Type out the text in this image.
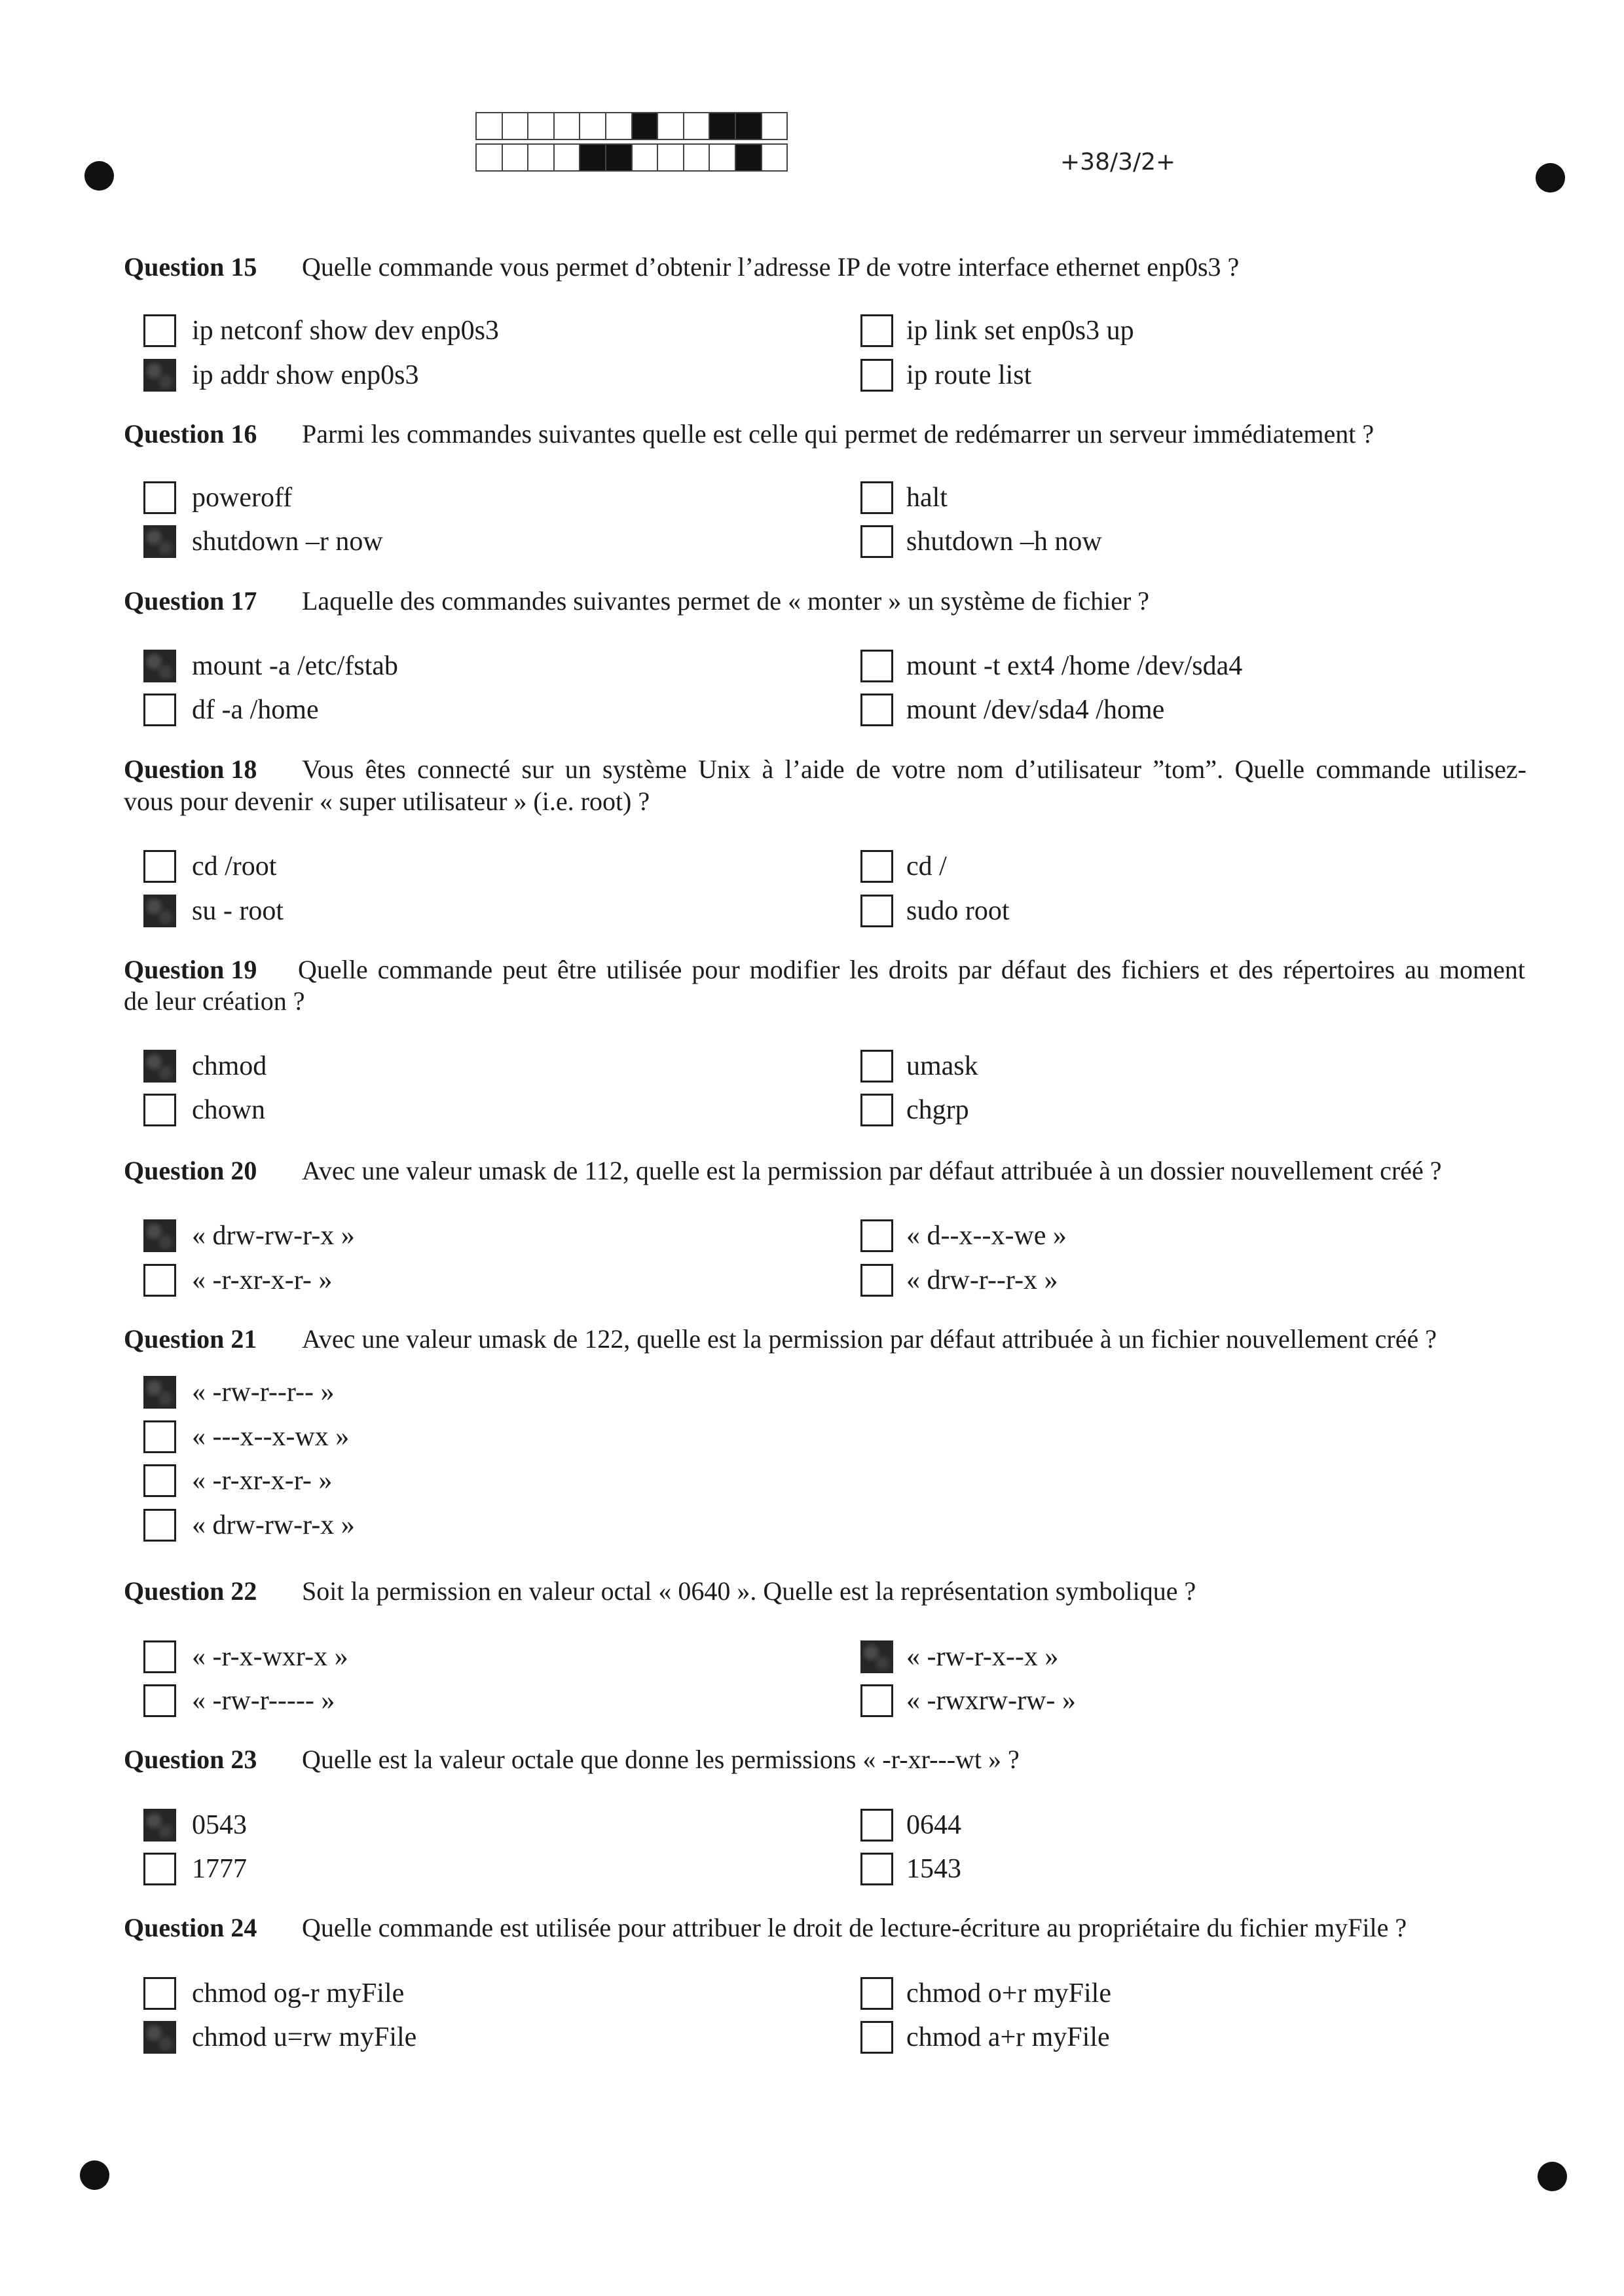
+38/3/2+
Question 15 Quelle commande vous permet d’obtenir l’adresse IP de votre interface ethernet enp0s3 ?
ip netconf show dev enp0s3
ip addr show enp0s3
ip link set enp0s3 up
ip route list
Question 16 Parmi les commandes suivantes quelle est celle qui permet de redémarrer un serveur immédiatement ?
poweroff
shutdown –r now
halt
shutdown –h now
Question 17 Laquelle des commandes suivantes permet de « monter » un système de fichier ?
mount -a /etc/fstab
df -a /home
mount -t ext4 /home /dev/sda4
mount /dev/sda4 /home
Question 18 Vous êtes connecté sur un système Unix à l’aide de votre nom d’utilisateur ”tom”. Quelle commande utilisez-
vous pour devenir « super utilisateur » (i.e. root) ?
cd /root
su - root
cd /
sudo root
Question 19 Quelle commande peut être utilisée pour modifier les droits par défaut des fichiers et des répertoires au moment
de leur création ?
chmod
chown
umask
chgrp
Question 20 Avec une valeur umask de 112, quelle est la permission par défaut attribuée à un dossier nouvellement créé ?
« drw-rw-r-x »
« -r-xr-x-r- »
« d--x--x-we »
« drw-r--r-x »
Question 21 Avec une valeur umask de 122, quelle est la permission par défaut attribuée à un fichier nouvellement créé ?
« -rw-r--r-- »
« ---x--x-wx »
« -r-xr-x-r- »
« drw-rw-r-x »
Question 22 Soit la permission en valeur octal « 0640 ». Quelle est la représentation symbolique ?
« -r-x-wxr-x »
« -rw-r----- »
« -rw-r-x--x »
« -rwxrw-rw- »
Question 23 Quelle est la valeur octale que donne les permissions « -r-xr---wt » ?
0543
1777
0644
1543
Question 24 Quelle commande est utilisée pour attribuer le droit de lecture-écriture au propriétaire du fichier myFile ?
chmod og-r myFile
chmod u=rw myFile
chmod o+r myFile
chmod a+r myFile
